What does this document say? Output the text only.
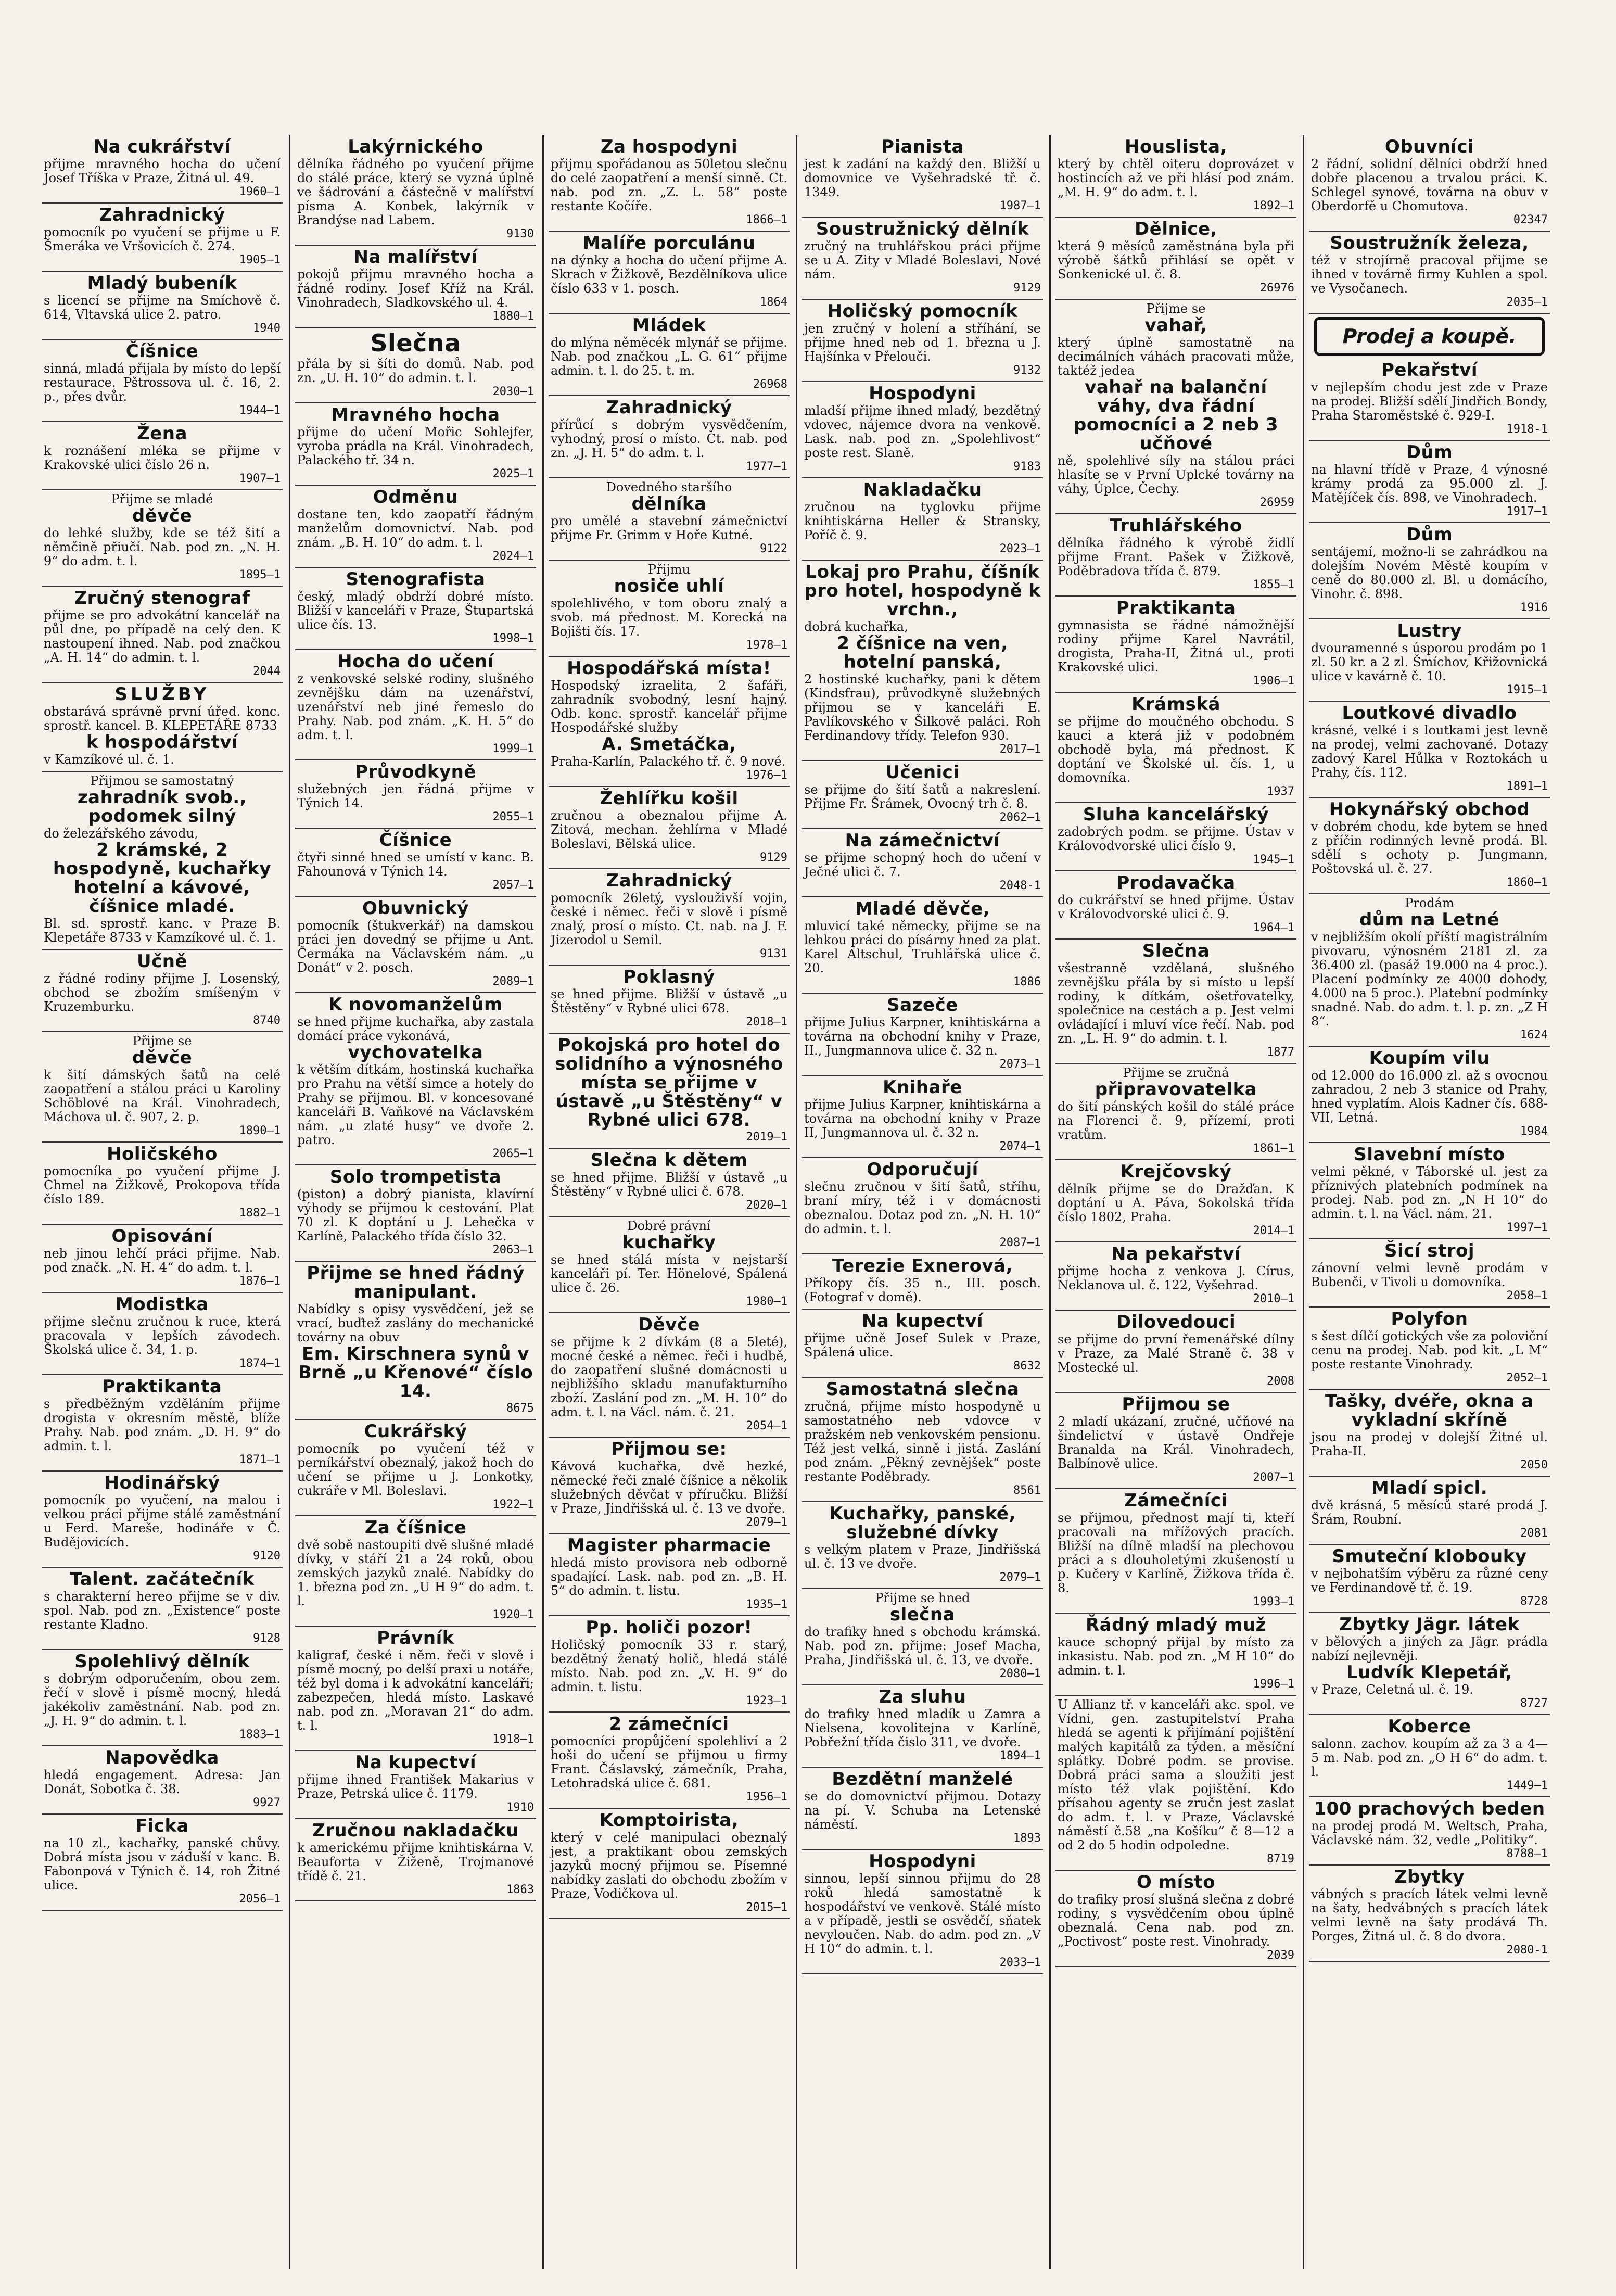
Na cukrářství

přijme mravného hocha do učení Josef Tříška v Praze, Žitná ul. 49.

1960—1

Zahradnický

pomocník po vyučení se přijme u F. Šmeráka ve Vršovicích č. 274.

1905—1

Mladý bubeník

s licencí se přijme na Smíchově č. 614, Vltavská ulice 2. patro.

1940

Číšnice

sinná, mladá přijala by místo do lepší restaurace. Pštrossova ul. č. 16, 2. p., přes dvůr.

1944—1

Žena

k roznášení mléka se přijme v Krakovské ulici číslo 26 n.

1907—1

Přijme se mladé

děvče

do lehké služby, kde se též šití a němčině přiučí. Nab. pod zn. „N. H. 9“ do adm. t. l.

1895—1

Zručný stenograf

přijme se pro advokátní kancelář na půl dne, po případě na celý den. K nastoupení ihned. Nab. pod značkou „A. H. 14“ do admin. t. l.

2044

SLUŽBY

obstarává správně první úřed. konc. sprostř. kancel. B. KLEPETÁŘE 8733

k hospodářství

v Kamzíkové ul. č. 1.

Přijmou se samostatný

zahradník svob., podomek silný

do železářského závodu,

2 krámské, 2 hospodyně, kuchařky hotelní a kávové, číšnice mladé.

Bl. sd. sprostř. kanc. v Praze B. Klepetáře 8733 v Kamzíkové ul. č. 1.

Učně

z řádné rodiny přijme J. Losenský, obchod se zbožím smíšeným v Kruzemburku.

8740

Přijme se

děvče

k šití dámských šatů na celé zaopatření a stálou práci u Karoliny Schöblové na Král. Vinohradech, Máchova ul. č. 907, 2. p.

1890—1

Holičského

pomocníka po vyučení přijme J. Chmel na Žižkově, Prokopova třída číslo 189.

1882—1

Opisování

neb jinou lehčí práci přijme. Nab. pod značk. „N. H. 4“ do adm. t. l.

1876—1

Modistka

přijme slečnu zručnou k ruce, která pracovala v lepších závodech. Školská ulice č. 34, 1. p.

1874—1

Praktikanta

s předběžným vzděláním přijme drogista v okresním městě, blíže Prahy. Nab. pod znám. „D. H. 9“ do admin. t. l.

1871—1

Hodinářský

pomocník po vyučení, na malou i velkou práci přijme stálé zaměstnání u Ferd. Mareše, hodináře v Č. Budějovicích.

9120

Talent. začátečník

s charakterní hereo přijme se v div. spol. Nab. pod zn. „Existence“ poste restante Kladno.

9128

Spolehlivý dělník

s dobrým odporučením, obou zem. řečí v slově i písmě mocný, hledá jakékoliv zaměstnání. Nab. pod zn. „J. H. 9“ do admin. t. l.

1883—1

Napovědka

hledá engagement. Adresa: Jan Donát, Sobotka č. 38.

9927

Ficka

na 10 zl., kachařky, panské chůvy. Dobrá místa jsou v záduší v kanc. B. Fabonpová v Týnich č. 14, roh Žitné ulice.

2056—1

Lakýrnického

dělníka řádného po vyučení přijme do stálé práce, který se vyzná úplně ve šádrování a částečně v malířství písma A. Konbek, lakýrník v Brandýse nad Labem.

9130

Na malířství

pokojů přijmu mravného hocha a řádné rodiny. Josef Kříž na Král. Vinohradech, Sladkovského ul. 4.

1880—1

Slečna

přála by si šíti do domů. Nab. pod zn. „U. H. 10“ do admin. t. l.

2030—1

Mravného hocha

přijme do učení Mořic Sohlejfer, vyroba prádla na Král. Vinohradech, Palackého tř. 34 n.

2025—1

Odměnu

dostane ten, kdo zaopatří řádným manželům domovnictví. Nab. pod znám. „B. H. 10“ do adm. t. l.

2024—1

Stenografista

český, mladý obdrží dobré místo. Bližší v kanceláři v Praze, Štupartská ulice čís. 13.

1998—1

Hocha do učení

z venkovské selské rodiny, slušného zevnějšku dám na uzenářství, uzenářství neb jiné řemeslo do Prahy. Nab. pod znám. „K. H. 5“ do adm. t. l.

1999—1

Průvodkyně

služebných jen řádná přijme v Týnich 14.

2055—1

Číšnice

čtyři sinné hned se umístí v kanc. B. Fahounová v Týnich 14.

2057—1

Obuvnický

pomocník (štukverkář) na damskou práci jen dovedný se přijme u Ant. Čermáka na Václavském nám. „u Donát“ v 2. posch.

2089—1

K novomanželům

se hned přijme kuchařka, aby zastala domácí práce vykonává,

vychovatelka

k větším dítkám, hostinská kuchařka pro Prahu na větší simce a hotely do Prahy se přijmou. Bl. v koncesované kanceláři B. Vaňkové na Václavském nám. „u zlaté husy“ ve dvoře 2. patro.

2065—1

Solo trompetista

(piston) a dobrý pianista, klavírní výhody se přijmou k cestování. Plat 70 zl. K doptání u J. Lehečka v Karlíně, Palackého třída číslo 32.

2063—1

Přijme se hned řádný manipulant.

Nabídky s opisy vysvědčení, jež se vrací, buďtež zaslány do mechanické továrny na obuv

Em. Kirschnera synů v Brně „u Křenové“ číslo 14.

8675

Cukrářský

pomocník po vyučení též v perníkářství obeznalý, jakož hoch do učení se přijme u J. Lonkotky, cukráře v Ml. Boleslavi.

1922—1

Za číšnice

dvě sobě nastoupiti dvě slušné mladé dívky, v stáří 21 a 24 roků, obou zemských jazyků znalé. Nabídky do 1. března pod zn. „U H 9“ do adm. t. l.

1920—1

Právník

kaligraf, české i něm. řeči v slově i písmě mocný, po delší praxi u notáře, též byl doma i k advokátní kanceláři; zabezpečen, hledá místo. Laskavé nab. pod zn. „Moravan 21“ do adm. t. l.

1918—1

Na kupectví

přijme ihned František Makarius v Praze, Petrská ulice č. 1179.

1910

Zručnou nakladačku

k americkému přijme knihtiskárna V. Beauforta v Žiženě, Trojmanové třídě č. 21.

1863

Za hospodyni

přijmu spořádanou as 50letou slečnu do celé zaopatření a menší sinně. Ct. nab. pod zn. „Z. L. 58“ poste restante Kočíře.

1866—1

Malíře porculánu

na dýnky a hocha do učení přijme A. Skrach v Žižkově, Bezdělníkova ulice číslo 633 v 1. posch.

1864

Mládek

do mlýna něměcék mlynář se přijme. Nab. pod značkou „L. G. 61“ přijme admin. t. l. do 25. t. m.

26968

Zahradnický

přírůcí s dobrým vysvědčením, vyhodný, prosí o místo. Ct. nab. pod zn. „J. H. 5“ do adm. t. l.

1977—1

Dovedného staršího

dělníka

pro umělé a stavební zámečnictví přijme Fr. Grimm v Hoře Kutné.

9122

Přijmu

nosiče uhlí

spolehlivého, v tom oboru znalý a svob. má přednost. M. Korecká na Bojišti čís. 17.

1978—1

Hospodářská místa!

Hospodský izraelita, 2 šafáři, zahradník svobodný, lesní hajný. Odb. konc. sprostř. kancelář přijme Hospodářské služby

A. Smetáčka,

Praha-Karlín, Palackého tř. č. 9 nové.

1976—1

Žehlířku košil

zručnou a obeznalou přijme A. Zitová, mechan. žehlírna v Mladé Boleslavi, Bělská ulice.

9129

Zahradnický

pomocník 26letý, vyslouživší vojin, české i němec. řeči v slově i písmě znalý, prosí o místo. Ct. nab. na J. F. Jizerodol u Semil.

9131

Poklasný

se hned přijme. Bližší v ústavě „u Štěstěny“ v Rybné ulici 678.

2018—1

Pokojská pro hotel do solidního a výnosného místa se přijme v ústavě „u Štěstěny“ v Rybné ulici 678.

2019—1

Slečna k dětem

se hned přijme. Bližší v ústavě „u Štěstěny“ v Rybné ulici č. 678.

2020—1

Dobré právní

kuchařky

se hned stálá místa v nejstarší kanceláři pí. Ter. Hönelové, Spálená ulice č. 26.

1980—1

Děvče

se přijme k 2 dívkám (8 a 5leté), mocné české a němec. řeči i hudbě, do zaopatření slušné domácnosti u nejbližšího skladu manufakturního zboží. Zaslání pod zn. „M. H. 10“ do adm. t. l. na Václ. nám. č. 21.

2054—1

Přijmou se:

Kávová kuchařka, dvě hezké, německé řeči znalé číšnice a několik služebných děvčat v příručku. Bližší v Praze, Jindřišská ul. č. 13 ve dvoře.

2079—1

Magister pharmacie

hledá místo provisora neb odborně spadající. Lask. nab. pod zn. „B. H. 5“ do admin. t. listu.

1935—1

Pp. holiči pozor!

Holičský pomocník 33 r. starý, bezdětný ženatý holič, hledá stálé místo. Nab. pod zn. „V. H. 9“ do admin. t. listu.

1923—1

2 zámečníci

pomocníci propůjčení spolehliví a 2 hoši do učení se přijmou u firmy Frant. Čáslavský, zámečník, Praha, Letohradská ulice č. 681.

1956—1

Komptoiristа,

který v celé manipulaci obeznalý jest, a praktikant obou zemských jazyků mocný přijmou se. Písemné nabídky zaslati do obchodu zbožím v Praze, Vodičkova ul.

2015—1

Pianista

jest k zadání na každý den. Bližší u domovnice ve Vyšehradské tř. č. 1349.

1987—1

Soustružnický dělník

zručný na truhlářskou práci přijme se u A. Zity v Mladé Boleslavi, Nové nám.

9129

Holičský pomocník

jen zručný v holení a stříhání, se přijme hned neb od 1. března u J. Hajšínka v Přelouči.

9132

Hospodyni

mladší přijme ihned mladý, bezdětný vdovec, nájemce dvora na venkově. Lask. nab. pod zn. „Spolehlivost“ poste rest. Slaně.

9183

Nakladačku

zručnou na tyglovku přijme knihtiskárna Heller & Stransky, Poříč č. 9.

2023—1

Lokaj pro Prahu, číšník pro hotel, hospodyně k vrchn.,

dobrá kuchařka,

2 číšnice na ven, hotelní panská,

2 hostinské kuchařky, pani k dětem (Kindsfrau), průvodkyně služebných přijmou se v kanceláři E. Pavlíkovského v Šilkově paláci. Roh Ferdinandovy třídy. Telefon 930.

2017—1

Učenici

se přijme do šití šatů a nakreslení. Přijme Fr. Šrámek, Ovocný trh č. 8.

2062—1

Na zámečnictví

se přijme schopný hoch do učení v Ječné ulici č. 7.

2048-1

Mladé děvče,

mluvicí také německy, přijme se na lehkou práci do písárny hned za plat. Karel Altschul, Truhlářská ulice č. 20.

1886

Sazeče

přijme Julius Karpner, knihtiskárna a továrna na obchodní knihy v Praze, II., Jungmannova ulice č. 32 n.

2073—1

Knihaře

přijme Julius Karpner, knihtiskárna a továrna na obchodní knihy v Praze II, Jungmannova ul. č. 32 n.

2074—1

Odporučují

slečnu zručnou v šití šatů, stříhu, braní míry, též i v domácnosti obeznalou. Dotaz pod zn. „N. H. 10“ do admin. t. l.

2087—1

Terezie Exnerová,

Příkopy čís. 35 n., III. posch. (Fotograf v domě).

Na kupectví

přijme učně Josef Sulek v Praze, Spálená ulice.

8632

Samostatná slečna

zručná, přijme místo hospodyně u samostatného neb vdovce v pražském neb venkovském pensionu. Též jest velká, sinně i jistá. Zaslání pod znám. „Pěkný zevnějšek“ poste restante Poděbrady.

8561

Kuchařky, panské, služebné dívky

s velkým platem v Praze, Jindřišská ul. č. 13 ve dvoře.

2079—1

Přijme se hned

slečna

do trafiky hned s obchodu krámská. Nab. pod zn. přijme: Josef Macha, Praha, Jindřišská ul. č. 13, ve dvoře.

2080—1

Za sluhu

do trafiky hned mladík u Zamra a Nielsena, kovolitejna v Karlíně, Pobřežní třída čislo 311, ve dvoře.

1894—1

Bezdětní manželé

se do domovnictví přijmou. Dotazy na pí. V. Schuba na Letenské náměstí.

1893

Hospodyni

sinnou, lepší sinnou přijmu do 28 roků hledá samostatně k hospodářství ve venkově. Stálé místo a v případě, jestli se osvědčí, sňatek nevyloučen. Nab. do adm. pod zn. „V H 10“ do admin. t. l.

2033—1

Houslista,

který by chtěl oiteru doprovázet v hostincích až ve při hlásí pod znám. „M. H. 9“ do adm. t. l.

1892—1

Dělnice,

která 9 měsíců zaměstnána byla při výrobě šátků přihlásí se opět v Sonkenické ul. č. 8.

26976

Přijme se

vahař,

který úplně samostatně na decimálních váhách pracovati může, taktéž jedea

vahař na balanční váhy, dva řádní pomocníci a 2 neb 3 učňové

ně, spolehlivé síly na stálou práci hlasíte se v První Uplcké továrny na váhy, Úplce, Čechy.

26959

Truhlářského

dělníka řádného k výrobě židlí přijme Frant. Pašek v Žižkově, Poděbradova třída č. 879.

1855—1

Praktikanta

gymnasista se řádné námožnější rodiny přijme Karel Navrátil, drogista, Praha-II, Žitná ul., proti Krakovské ulici.

1906—1

Krámská

se přijme do moučného obchodu. S kauci a která již v podobném obchodě byla, má přednost. K doptání ve Školské ul. čís. 1, u domovníka.

1937

Sluha kancelářský

zadobrých podm. se přijme. Ústav v Královodvorské ulici číslo 9.

1945—1

Prodavačka

do cukrářství se hned přijme. Ústav v Královodvorské ulici č. 9.

1964—1

Slečna

všestranně vzdělaná, slušného zevnějšku přála by si místo u lepší rodiny, k dítkám, ošetřovatelky, společnice na cestách a p. Jest velmi ovládající i mluví více řečí. Nab. pod zn. „L. H. 9“ do admin. t. l.

1877

Přijme se zručná

připravovatelka

do šití pánských košil do stálé práce na Florenci č. 9, přízemí, proti vratům.

1861—1

Krejčovský

dělník přijme se do Dražďan. K doptání u A. Páva, Sokolská třída číslo 1802, Praha.

2014—1

Na pekařství

přijme hocha z venkova J. Círus, Neklanova ul. č. 122, Vyšehrad.

2010—1

Dilovedouci

se přijme do první řemenářské dílny v Praze, za Malé Straně č. 38 v Mostecké ul.

2008

Přijmou se

2 mladí ukázaní, zručné, učňové na šindelictví v ústavě Ondřeje Branalda na Král. Vinohradech, Balbínově ulice.

2007—1

Zámečníci

se přijmou, přednost mají ti, kteří pracovali na mřížových pracích. Bližší na dílně mladší na plechovou práci a s dlouholetými zkušeností u p. Kučery v Karlíně, Žižkova třída č. 8.

1993—1

Řádný mladý muž

kauce schopný přijal by místo za inkasistu. Nab. pod zn. „M H 10“ do admin. t. l.

1996—1

U Allianz tř. v kanceláři akc. spol. ve Vídni, gen. zastupitelství Praha hledá se agenti k přijímání pojištění malých kapitálů za týden. a měsíční splátky. Dobré podm. se provise. Dobrá práci sama a sloužiti jest místo též vlak pojištění. Kdo přísahou agenty se zručn jest zaslat do adm. t. l. v Praze, Václavské náměstí č.58 „na Košíku“ č 8—12 a od 2 do 5 hodin odpoledne.

8719

O místo

do trafiky prosí slušná slečna z dobré rodiny, s vysvědčením obou úplně obeznalá. Cena nab. pod zn. „Poctivost“ poste rest. Vinohrady.

2039

Obuvníci

2 řádní, solidní dělníci obdrží hned dobře placenou a trvalou práci. K. Schlegel synové, továrna na obuv v Oberdorfě u Chomutova.

02347

Soustružník železa,

též v strojírně pracoval přijme se ihned v továrně firmy Kuhlen a spol. ve Vysočanech.

2035—1

Prodej a koupě.
Pekařství

v nejlepším chodu jest zde v Praze na prodej. Bližší sdělí Jindřich Bondy, Praha Staroměstské č. 929-I.

1918-1

Dům

na hlavní třídě v Praze, 4 výnosné krámy prodá za 95.000 zl. J. Matějíček čís. 898, ve Vinohradech.

1917—1

Dům

sentájemí, možno-li se zahrádkou na dolejším Novém Městě koupím v ceně do 80.000 zl. Bl. u domácího, Vinohr. č. 898.

1916

Lustry

dvouramenné s úsporou prodám po 1 zl. 50 kr. a 2 zl. Šmíchov, Křižovnická ulice v kavárně č. 10.

1915—1

Loutkové divadlo

krásné, velké i s loutkami jest levně na prodej, velmi zachované. Dotazy zadový Karel Hůlka v Roztokách u Prahy, čís. 112.

1891—1

Hokynářský obchod

v dobrém chodu, kde bytem se hned z příčin rodinných levně prodá. Bl. sdělí s ochoty p. Jungmann, Poštovská ul. č. 27.

1860—1

Prodám

dům na Letné

v nejbližším okolí příští magistrálním pivovaru, výnosném 2181 zl. za 36.400 zl. (pasáž 19.000 na 4 proc.). Placení podmínky ze 4000 dohody, 4.000 na 5 proc.). Platební podmínky snadné. Nab. do adm. t. l. p. zn. „Z H 8“.

1624

Koupím vilu

od 12.000 do 16.000 zl. až s ovocnou zahradou, 2 neb 3 stanice od Prahy, hned vyplatím. Alois Kadner čís. 688-VII, Letná.

1984

Slavební místo

velmi pěkné, v Táborské ul. jest za příznivých platebních podmínek na prodej. Nab. pod zn. „N H 10“ do admin. t. l. na Václ. nám. 21.

1997—1

Šicí stroj

zánovní velmi levně prodám v Bubenči, v Tivoli u domovníka.

2058—1

Polyfon

s šest dílčí gotických vše za poloviční cenu na prodej. Nab. pod kit. „L M“ poste restante Vinohrady.

2052—1

Tašky, dvéře, okna a vykladní skříně

jsou na prodej v dolejší Žitné ul. Praha-II.

2050

Mladí spicl.

dvě krásná, 5 měsíců staré prodá J. Šrám, Roubní.

2081

Smuteční klobouky

v nejbohatším výběru za různé ceny ve Ferdinandově tř. č. 19.

8728

Zbytky Jägr. látek

v bělových a jiných za Jägr. prádla nabízí nejlevněji.

Ludvík Klepetář,

v Praze, Celetná ul. č. 19.

8727

Koberce

salonn. zachov. koupím až za 3 a 4—5 m. Nab. pod zn. „O H 6“ do adm. t. l.

1449—1

100 prachových beden

na prodej prodá M. Weltsch, Praha, Václavské nám. 32, vedle „Politiky“.

8788—1

Zbytky

vábných s pracích látek velmi levně na šaty, hedvábných s pracích látek velmi levně na šaty prodává Th. Porges, Žitná ul. č. 8 do dvora.

2080-1
